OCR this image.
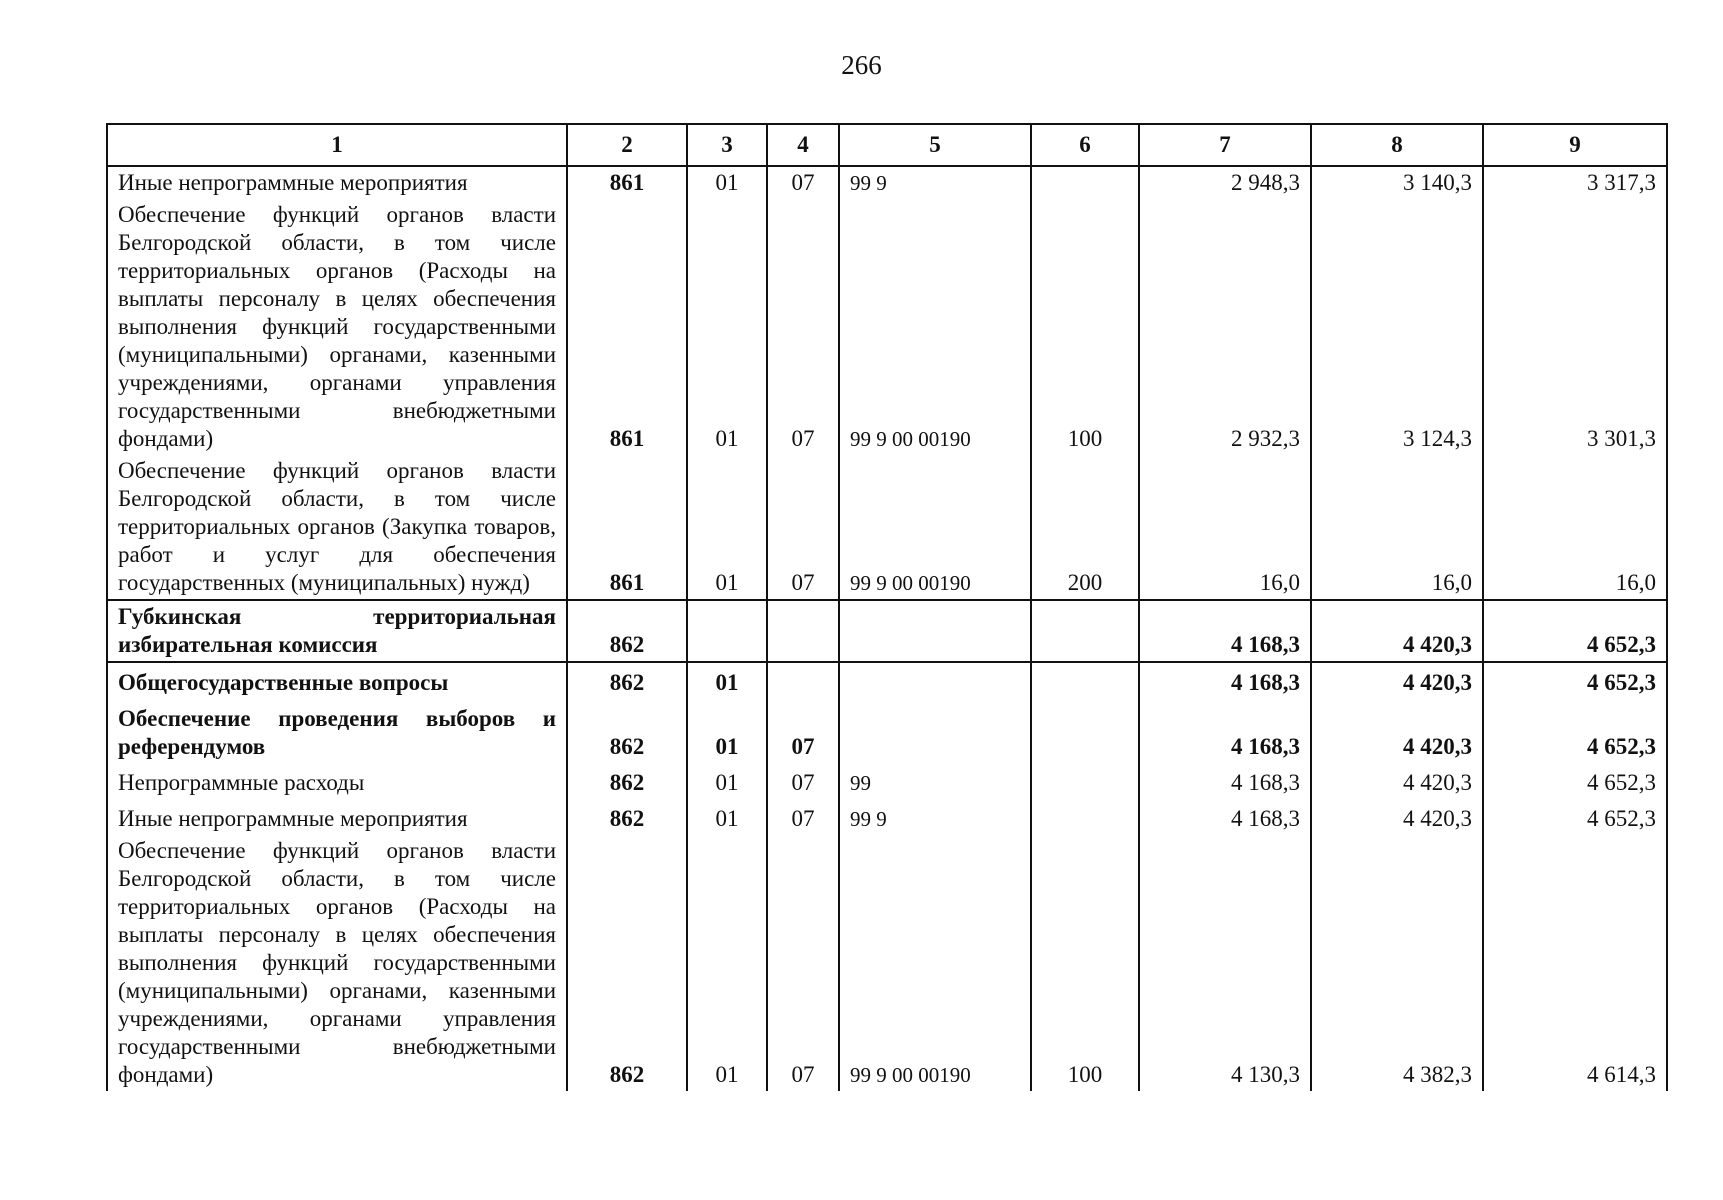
266
1	2	3	4	5	6	7	8	9
Иные непрограммные мероприятия	861	01	07	99 9		2 948,3	3 140,3	3 317,3
Обеспечение функций органов власти Белгородской области, в том числе территориальных органов (Расходы на выплаты персоналу в целях обеспечения выполнения функций государственными (муниципальными) органами, казенными учреждениями, органами управления государственными внебюджетными фондами)	861	01	07	99 9 00 00190	100	2 932,3	3 124,3	3 301,3
Обеспечение функций органов власти Белгородской области, в том числе территориальных органов (Закупка товаров, работ и услуг для обеспечения государственных (муниципальных) нужд)	861	01	07	99 9 00 00190	200	16,0	16,0	16,0
Губкинская территориальная избирательная комиссия	862					4 168,3	4 420,3	4 652,3
Общегосударственные вопросы	862	01				4 168,3	4 420,3	4 652,3
Обеспечение проведения выборов и референдумов	862	01	07			4 168,3	4 420,3	4 652,3
Непрограммные расходы	862	01	07	99		4 168,3	4 420,3	4 652,3
Иные непрограммные мероприятия	862	01	07	99 9		4 168,3	4 420,3	4 652,3
Обеспечение функций органов власти Белгородской области, в том числе территориальных органов (Расходы на выплаты персоналу в целях обеспечения выполнения функций государственными (муниципальными) органами, казенными учреждениями, органами управления государственными внебюджетными фондами)	862	01	07	99 9 00 00190	100	4 130,3	4 382,3	4 614,3
